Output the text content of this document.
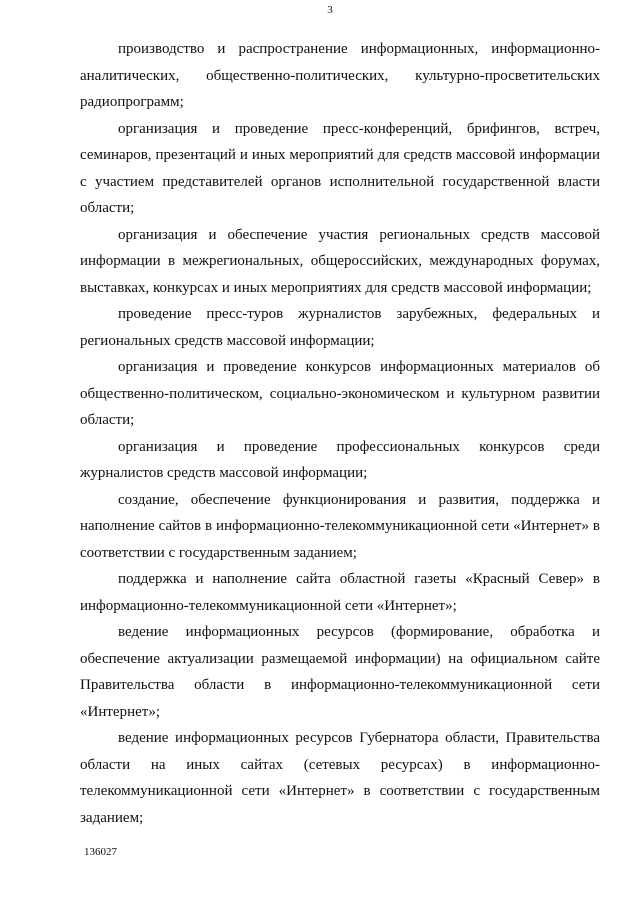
3

производство и распространение информационных, информационно-аналитических, общественно-политических, культурно-просветительских радиопрограмм;

организация и проведение пресс-конференций, брифингов, встреч, семинаров, презентаций и иных мероприятий для средств массовой информации с участием представителей органов исполнительной государственной власти области;

организация и обеспечение участия региональных средств массовой информации в межрегиональных, общероссийских, международных форумах, выставках, конкурсах и иных мероприятиях для средств массовой информации;

проведение пресс-туров журналистов зарубежных, федеральных и региональных средств массовой информации;

организация и проведение конкурсов информационных материалов об общественно-политическом, социально-экономическом и культурном развитии области;

организация и проведение профессиональных конкурсов среди журналистов средств массовой информации;

создание, обеспечение функционирования и развития, поддержка и наполнение сайтов в информационно-телекоммуникационной сети «Интернет» в соответствии с государственным заданием;

поддержка и наполнение сайта областной газеты «Красный Север» в информационно-телекоммуникационной сети «Интернет»;

ведение информационных ресурсов (формирование, обработка и обеспечение актуализации размещаемой информации) на официальном сайте Правительства области в информационно-телекоммуникационной сети «Интернет»;

ведение информационных ресурсов Губернатора области, Правительства области на иных сайтах (сетевых ресурсах) в информационно-телекоммуникационной сети «Интернет» в соответствии с государственным заданием;

136027
